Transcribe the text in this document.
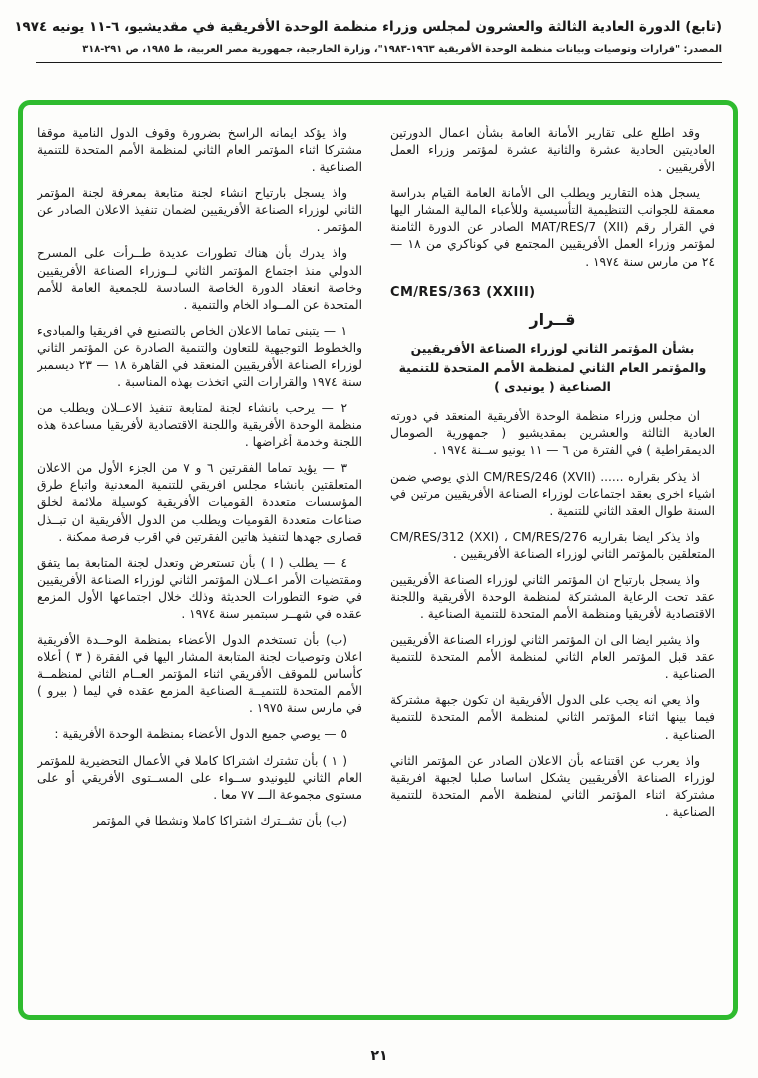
(تابع) الدورة العادية الثالثة والعشرون لمجلس وزراء منظمة الوحدة الأفريقية في مقديشيو، ٦-١١ يونيه ١٩٧٤
المصدر: "قرارات وتوصيات وبيانات منظمة الوحدة الأفريقية ١٩٦٣-١٩٨٣"، وزارة الخارجية، جمهورية مصر العربية، ط ١٩٨٥، ص ٢٩١-٣١٨

وقد اطلع على تقارير الأمانة العامة بشأن اعمال الدورتين العاديتين الحادية عشرة والثانية عشرة لمؤتمر وزراء العمل الأفريقيين .

يسجل هذه التقارير ويطلب الى الأمانة العامة القيام بدراسة معمقة للجوانب التنظيمية التأسيسية وللأعباء المالية المشار اليها في القرار رقم MAT/RES/7 (XII) الصادر عن الدورة الثامنة لمؤتمر وزراء العمل الأفريقيين المجتمع في كوناكري من ١٨ — ٢٤ من مارس سنة ١٩٧٤ .

CM/RES/363 (XXIII)

قــرار

بشأن المؤتمر الثاني لوزراء الصناعة الأفريقيين والمؤتمر العام الثاني لمنظمة الأمم المتحدة للتنمية الصناعية ( يونيدى )

ان مجلس وزراء منظمة الوحدة الأفريقية المنعقد في دورته العادية الثالثة والعشرين بمقديشيو ( جمهورية الصومال الديمقراطية ) في الفترة من ٦ — ١١ يونيو ســنة ١٩٧٤ .

اذ يذكر بقراره ...... CM/RES/246 (XVII) الذي يوصي ضمن اشياء اخرى بعقد اجتماعات لوزراء الصناعة الأفريقيين مرتين في السنة طوال العقد الثاني للتنمية .

واذ يذكر ايضا بقراريه CM/RES/312 (XXI) ، CM/RES/276 المتعلقين بالمؤتمر الثاني لوزراء الصناعة الأفريقيين .

واذ يسجل بارتياح ان المؤتمر الثاني لوزراء الصناعة الأفريقيين عقد تحت الرعاية المشتركة لمنظمة الوحدة الأفريقية واللجنة الاقتصادية لأفريقيا ومنظمة الأمم المتحدة للتنمية الصناعية .

واذ يشير ايضا الى ان المؤتمر الثاني لوزراء الصناعة الأفريقيين عقد قبل المؤتمر العام الثاني لمنظمة الأمم المتحدة للتنمية الصناعية .

واذ يعي انه يجب على الدول الأفريقية ان تكون جبهة مشتركة فيما بينها اثناء المؤتمر الثاني لمنظمة الأمم المتحدة للتنمية الصناعية .

واذ يعرب عن اقتناعه بأن الاعلان الصادر عن المؤتمر الثاني لوزراء الصناعة الأفريقيين يشكل اساسا صلبا لجبهة افريقية مشتركة اثناء المؤتمر الثاني لمنظمة الأمم المتحدة للتنمية الصناعية .

واذ يؤكد ايمانه الراسخ بضرورة وقوف الدول النامية موقفا مشتركا اثناء المؤتمر العام الثاني لمنظمة الأمم المتحدة للتنمية الصناعية .

واذ يسجل بارتياح انشاء لجنة متابعة بمعرفة لجنة المؤتمر الثاني لوزراء الصناعة الأفريقيين لضمان تنفيذ الاعلان الصادر عن المؤتمر .

واذ يدرك بأن هناك تطورات عديدة طــرأت على المسرح الدولي منذ اجتماع المؤتمر الثاني لــوزراء الصناعة الأفريقيين وخاصة انعقاد الدورة الخاصة السادسة للجمعية العامة للأمم المتحدة عن المــواد الخام والتنمية .

١ — يتبنى تماما الاعلان الخاص بالتصنيع في افريقيا والمبادىء والخطوط التوجيهية للتعاون والتنمية الصادرة عن المؤتمر الثاني لوزراء الصناعة الأفريقيين المنعقد في القاهرة ١٨ — ٢٣ ديسمبر سنة ١٩٧٤ والقرارات التي اتخذت بهذه المناسبة .

٢ — يرحب بانشاء لجنة لمتابعة تنفيذ الاعــلان ويطلب من منظمة الوحدة الأفريقية واللجنة الاقتصادية لأفريقيا مساعدة هذه اللجنة وخدمة أغراضها .

٣ — يؤيد تماما الفقرتين ٦ و ٧ من الجزء الأول من الاعلان المتعلقتين بانشاء مجلس افريقي للتنمية المعدنية واتباع طرق المؤسسات متعددة القوميات الأفريقية كوسيلة ملائمة لخلق صناعات متعددة القوميات ويطلب من الدول الأفريقية ان تبــذل قصارى جهدها لتنفيذ هاتين الفقرتين في اقرب فرصة ممكنة .

٤ — يطلب ( ا ) بأن تستعرض وتعدل لجنة المتابعة بما يتفق ومقتضيات الأمر اعــلان المؤتمر الثاني لوزراء الصناعة الأفريقيين في ضوء التطورات الحديثة وذلك خلال اجتماعها الأول المزمع عقده في شهــر سبتمبر سنة ١٩٧٤ .

(ب) بأن تستخدم الدول الأعضاء بمنظمة الوحــدة الأفريقية اعلان وتوصيات لجنة المتابعة المشار اليها في الفقرة ( ٣ ) أعلاه كأساس للموقف الأفريقي اثناء المؤتمر العــام الثاني لمنظمــة الأمم المتحدة للتنميــة الصناعية المزمع عقده في ليما ( بيرو ) في مارس سنة ١٩٧٥ .

٥ — يوصي جميع الدول الأعضاء بمنظمة الوحدة الأفريقية :

( ١ ) بأن تشترك اشتراكا كاملا في الأعمال التحضيرية للمؤتمر العام الثاني لليونيدو ســواء على المســتوى الأفريقي أو على مستوى مجموعة الـــ ٧٧ معا .

(ب) بأن تشــترك اشتراكا كاملا ونشطا في المؤتمر

٢١
